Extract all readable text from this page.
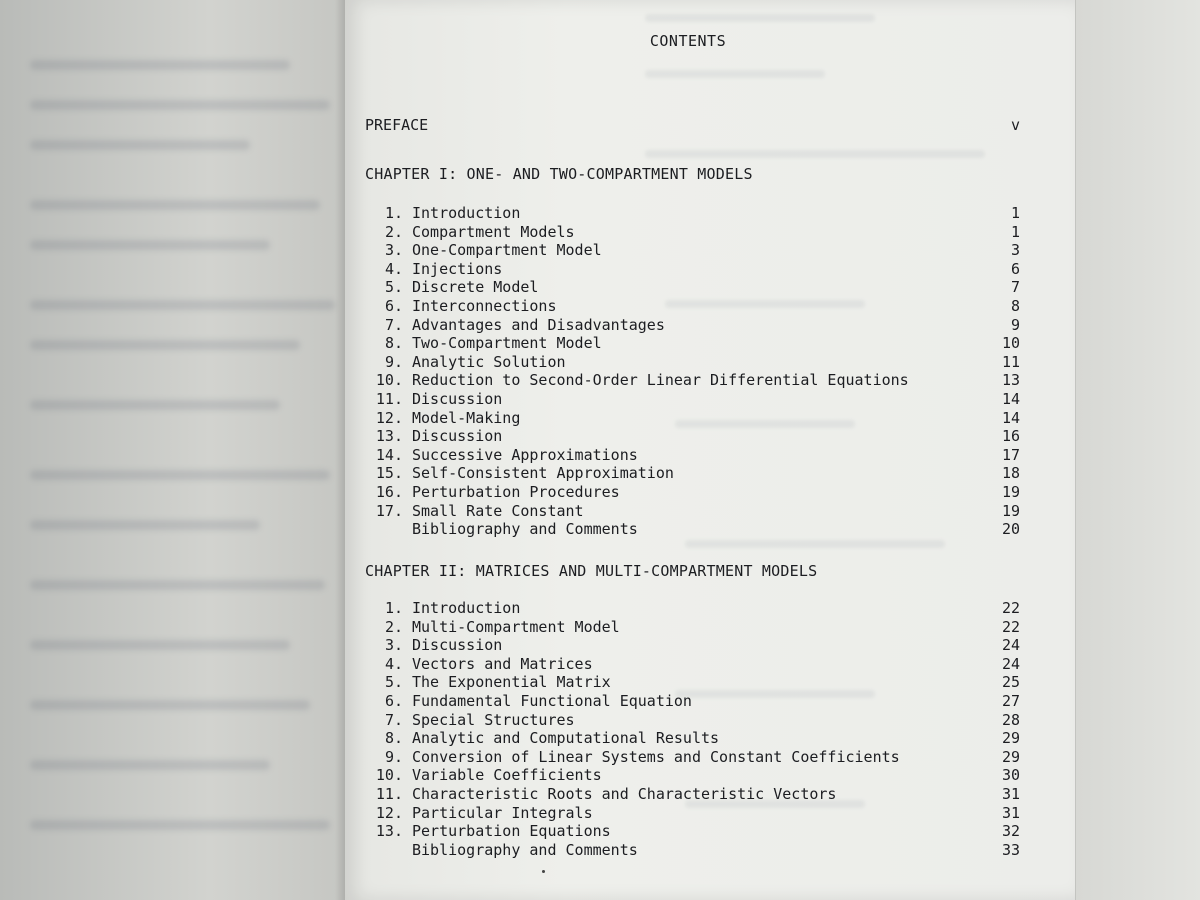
CONTENTS
PREFACE	v
CHAPTER I: ONE- AND TWO-COMPARTMENT MODELS
1. Introduction	1
2. Compartment Models	1
3. One-Compartment Model	3
4. Injections	6
5. Discrete Model	7
6. Interconnections	8
7. Advantages and Disadvantages	9
8. Two-Compartment Model	10
9. Analytic Solution	11
10. Reduction to Second-Order Linear Differential Equations	13
11. Discussion	14
12. Model-Making	14
13. Discussion	16
14. Successive Approximations	17
15. Self-Consistent Approximation	18
16. Perturbation Procedures	19
17. Small Rate Constant	19
Bibliography and Comments	20
CHAPTER II: MATRICES AND MULTI-COMPARTMENT MODELS
1. Introduction	22
2. Multi-Compartment Model	22
3. Discussion	24
4. Vectors and Matrices	24
5. The Exponential Matrix	25
6. Fundamental Functional Equation	27
7. Special Structures	28
8. Analytic and Computational Results	29
9. Conversion of Linear Systems and Constant Coefficients	29
10. Variable Coefficients	30
11. Characteristic Roots and Characteristic Vectors	31
12. Particular Integrals	31
13. Perturbation Equations	32
Bibliography and Comments	33
